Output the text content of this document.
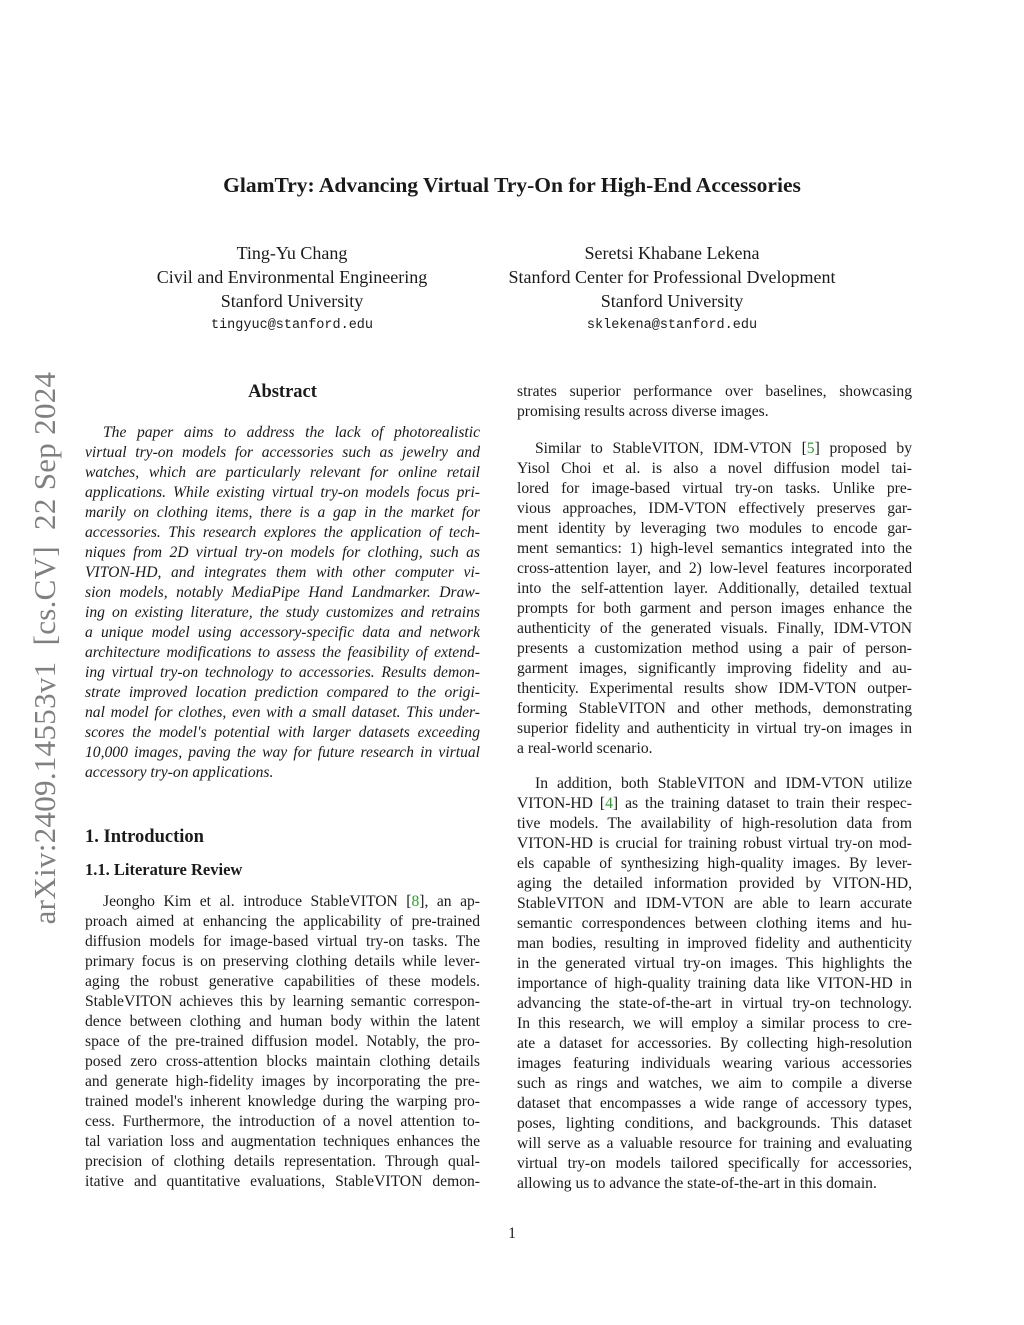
GlamTry: Advancing Virtual Try-On for High-End Accessories
Ting-Yu Chang
Civil and Environmental Engineering
Stanford University
tingyuc@stanford.edu
Seretsi Khabane Lekena
Stanford Center for Professional Dvelopment
Stanford University
sklekena@stanford.edu
arXiv:2409.14553v1  [cs.CV]  22 Sep 2024	Abstract
The paper aims to address the lack of photorealistic
virtual try-on models for accessories such as jewelry and
watches, which are particularly relevant for online retail
applications. While existing virtual try-on models focus pri-
marily on clothing items, there is a gap in the market for
accessories. This research explores the application of tech-
niques from 2D virtual try-on models for clothing, such as
VITON-HD, and integrates them with other computer vi-
sion models, notably MediaPipe Hand Landmarker. Draw-
ing on existing literature, the study customizes and retrains
a unique model using accessory-specific data and network
architecture modifications to assess the feasibility of extend-
ing virtual try-on technology to accessories. Results demon-
strate improved location prediction compared to the origi-
nal model for clothes, even with a small dataset. This under-
scores the model's potential with larger datasets exceeding
10,000 images, paving the way for future research in virtual
accessory try-on applications.
1. Introduction
1.1. Literature Review
Jeongho Kim et al. introduce StableVITON [8], an ap-
proach aimed at enhancing the applicability of pre-trained
diffusion models for image-based virtual try-on tasks. The
primary focus is on preserving clothing details while lever-
aging the robust generative capabilities of these models.
StableVITON achieves this by learning semantic correspon-
dence between clothing and human body within the latent
space of the pre-trained diffusion model. Notably, the pro-
posed zero cross-attention blocks maintain clothing details
and generate high-fidelity images by incorporating the pre-
trained model's inherent knowledge during the warping pro-
cess. Furthermore, the introduction of a novel attention to-
tal variation loss and augmentation techniques enhances the
precision of clothing details representation. Through qual-
itative and quantitative evaluations, StableVITON demon-
strates superior performance over baselines, showcasing
promising results across diverse images.
Similar to StableVITON, IDM-VTON [5] proposed by
Yisol Choi et al. is also a novel diffusion model tai-
lored for image-based virtual try-on tasks. Unlike pre-
vious approaches, IDM-VTON effectively preserves gar-
ment identity by leveraging two modules to encode gar-
ment semantics: 1) high-level semantics integrated into the
cross-attention layer, and 2) low-level features incorporated
into the self-attention layer. Additionally, detailed textual
prompts for both garment and person images enhance the
authenticity of the generated visuals. Finally, IDM-VTON
presents a customization method using a pair of person-
garment images, significantly improving fidelity and au-
thenticity. Experimental results show IDM-VTON outper-
forming StableVITON and other methods, demonstrating
superior fidelity and authenticity in virtual try-on images in
a real-world scenario.
In addition, both StableVITON and IDM-VTON utilize
VITON-HD [4] as the training dataset to train their respec-
tive models. The availability of high-resolution data from
VITON-HD is crucial for training robust virtual try-on mod-
els capable of synthesizing high-quality images. By lever-
aging the detailed information provided by VITON-HD,
StableVITON and IDM-VTON are able to learn accurate
semantic correspondences between clothing items and hu-
man bodies, resulting in improved fidelity and authenticity
in the generated virtual try-on images. This highlights the
importance of high-quality training data like VITON-HD in
advancing the state-of-the-art in virtual try-on technology.
In this research, we will employ a similar process to cre-
ate a dataset for accessories. By collecting high-resolution
images featuring individuals wearing various accessories
such as rings and watches, we aim to compile a diverse
dataset that encompasses a wide range of accessory types,
poses, lighting conditions, and backgrounds. This dataset
will serve as a valuable resource for training and evaluating
virtual try-on models tailored specifically for accessories,
allowing us to advance the state-of-the-art in this domain.
1
